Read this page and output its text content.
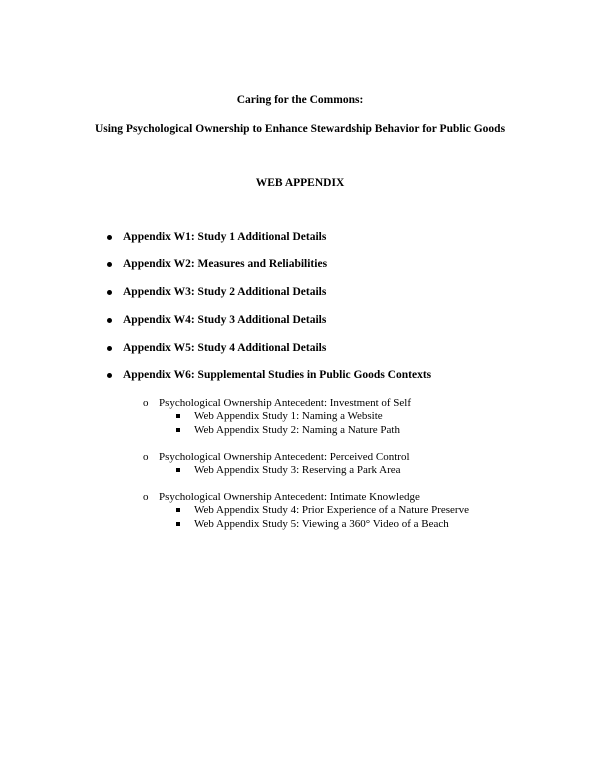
Caring for the Commons:
Using Psychological Ownership to Enhance Stewardship Behavior for Public Goods
WEB APPENDIX
Appendix W1: Study 1 Additional Details
Appendix W2: Measures and Reliabilities
Appendix W3: Study 2 Additional Details
Appendix W4: Study 3 Additional Details
Appendix W5: Study 4 Additional Details
Appendix W6: Supplemental Studies in Public Goods Contexts
o Psychological Ownership Antecedent: Investment of Self
Web Appendix Study 1: Naming a Website
Web Appendix Study 2: Naming a Nature Path
o Psychological Ownership Antecedent: Perceived Control
Web Appendix Study 3: Reserving a Park Area
o Psychological Ownership Antecedent: Intimate Knowledge
Web Appendix Study 4: Prior Experience of a Nature Preserve
Web Appendix Study 5: Viewing a 360° Video of a Beach
